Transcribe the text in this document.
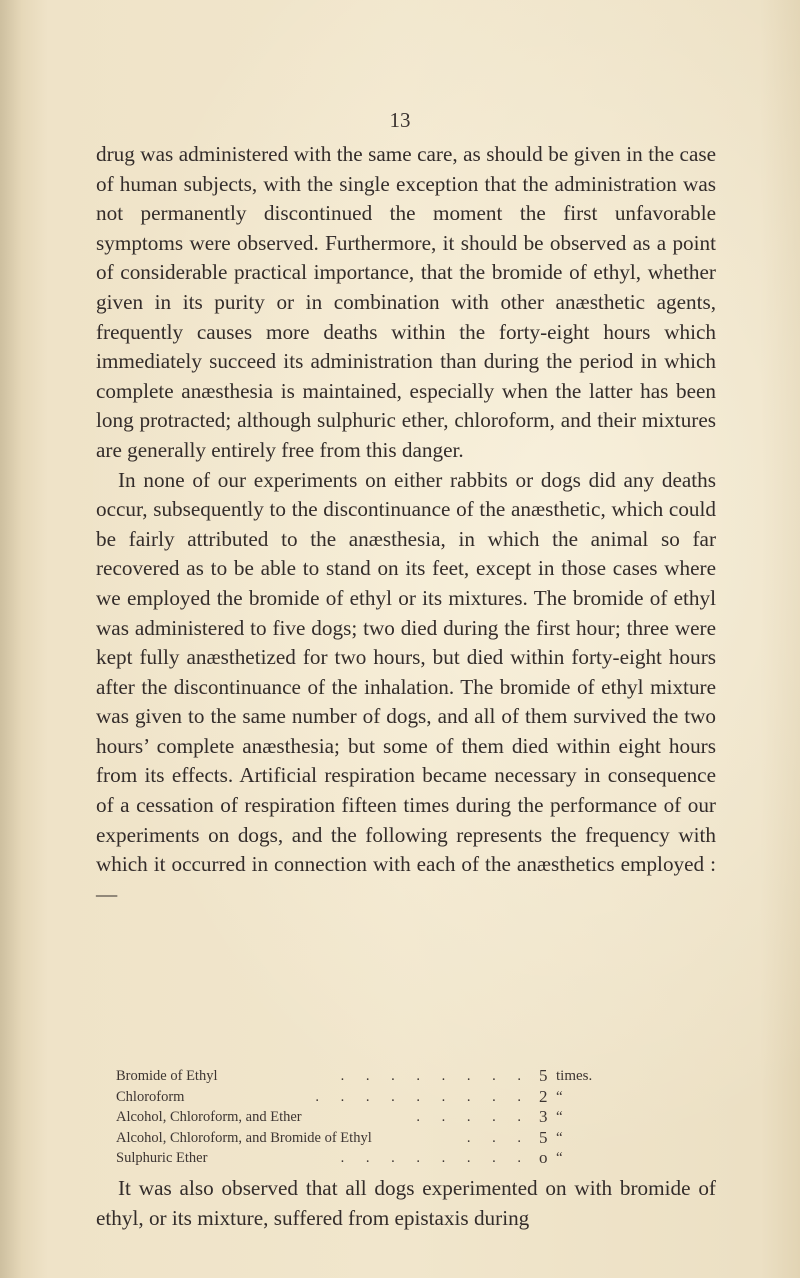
13

drug was administered with the same care, as should be given in the case of human subjects, with the single exception that the administration was not permanently discontinued the moment the first unfavorable symptoms were observed. Furthermore, it should be observed as a point of considerable practical importance, that the bromide of ethyl, whether given in its purity or in combination with other anæsthetic agents, frequently causes more deaths within the forty-eight hours which immediately succeed its administration than during the period in which complete anæsthesia is maintained, especially when the latter has been long protracted; although sulphuric ether, chloroform, and their mixtures are generally entirely free from this danger.

In none of our experiments on either rabbits or dogs did any deaths occur, subsequently to the discontinuance of the anæsthetic, which could be fairly attributed to the anæsthesia, in which the animal so far recovered as to be able to stand on its feet, except in those cases where we employed the bromide of ethyl or its mixtures. The bromide of ethyl was administered to five dogs; two died during the first hour; three were kept fully anæsthetized for two hours, but died within forty-eight hours after the discontinuance of the inhalation. The bromide of ethyl mixture was given to the same number of dogs, and all of them survived the two hours’ complete anæsthesia; but some of them died within eight hours from its effects. Artificial respiration became necessary in consequence of a cessation of respiration fifteen times during the performance of our experiments on dogs, and the following represents the frequency with which it occurred in connection with each of the anæsthetics employed :—

Bromide of Ethyl	. . . . . . . . 5 times.
Chloroform	. . . . . . . . . 2 “
Alcohol, Chloroform, and Ether	. . . . . 3 “
Alcohol, Chloroform, and Bromide of Ethyl	. . . 5 “
Sulphuric Ether	. . . . . . . . o “

It was also observed that all dogs experimented on with bromide of ethyl, or its mixture, suffered from epistaxis during
